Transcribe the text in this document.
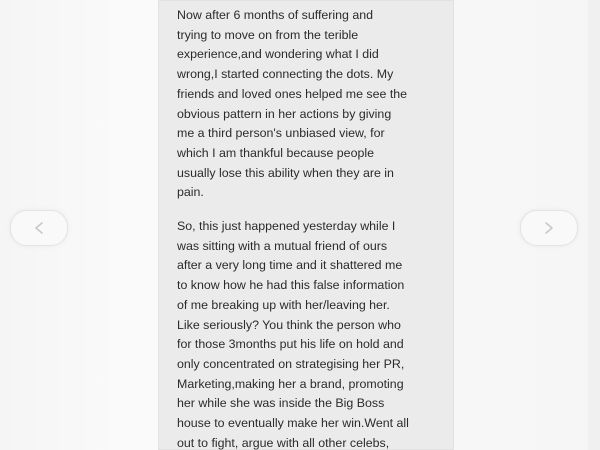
Now after 6 months of suffering and
trying to move on from the terible
experience,and wondering what I did
wrong,I started connecting the dots. My
friends and loved ones helped me see the
obvious pattern in her actions by giving
me a third person's unbiased view, for
which I am thankful because people
usually lose this ability when they are in
pain.

So, this just happened yesterday while I
was sitting with a mutual friend of ours
after a very long time and it shattered me
to know how he had this false information
of me breaking up with her/leaving her.
Like seriously? You think the person who
for those 3months put his life on hold and
only concentrated on strategising her PR,
Marketing,making her a brand, promoting
her while she was inside the Big Boss
house to eventually make her win.Went all
out to fight, argue with all other celebs,
